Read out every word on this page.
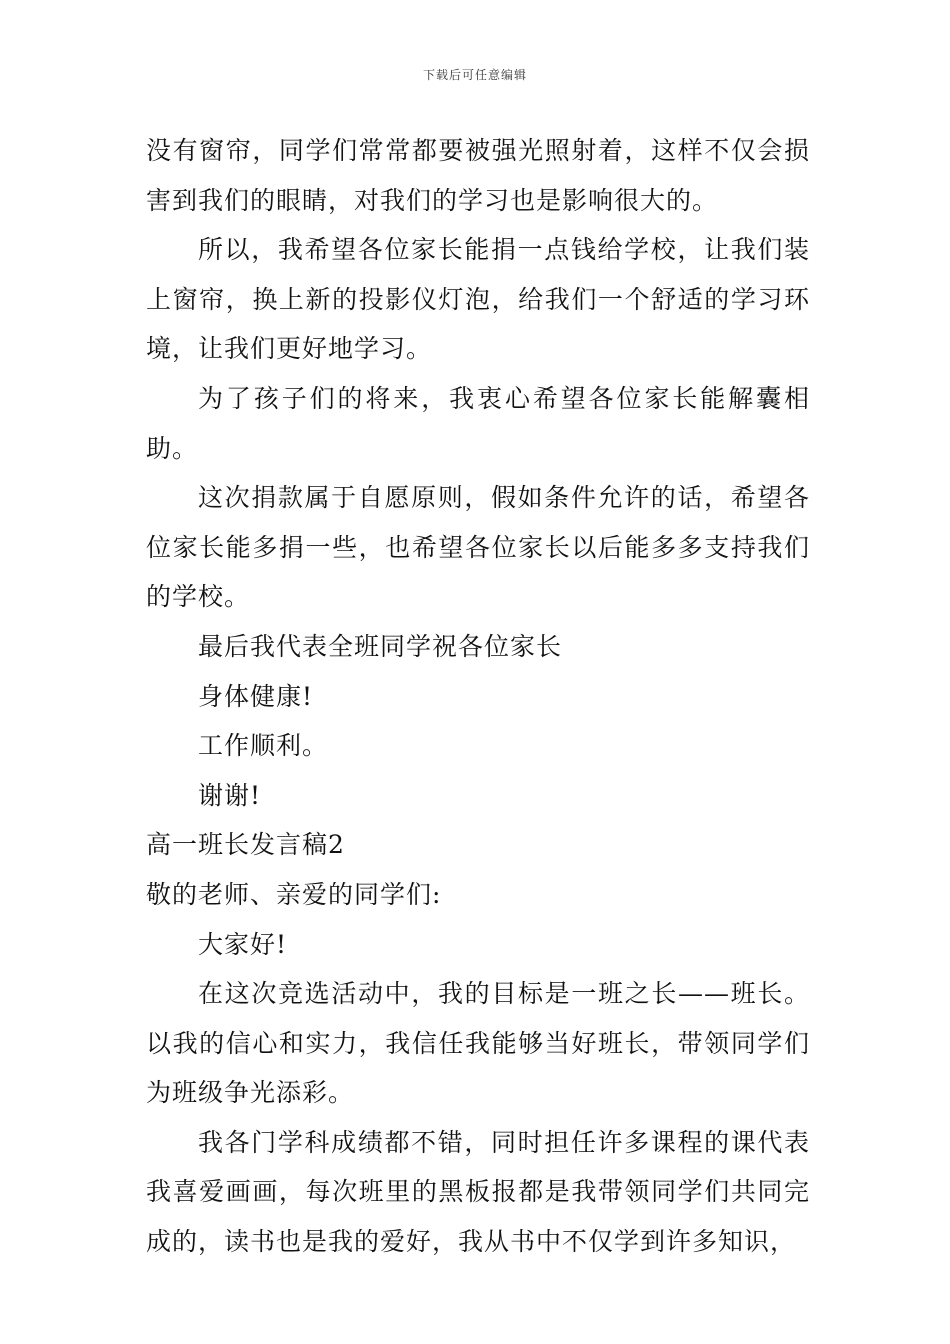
下载后可任意编辑

没有窗帘，同学们常常都要被强光照射着，这样不仅会损害到我们的眼睛，对我们的学习也是影响很大的。

所以，我希望各位家长能捐一点钱给学校，让我们装上窗帘，换上新的投影仪灯泡，给我们一个舒适的学习环境，让我们更好地学习。

为了孩子们的将来，我衷心希望各位家长能解囊相助。

这次捐款属于自愿原则，假如条件允许的话，希望各位家长能多捐一些，也希望各位家长以后能多多支持我们的学校。

最后我代表全班同学祝各位家长

身体健康!

工作顺利。

谢谢!

高一班长发言稿2

敬的老师、亲爱的同学们:

大家好!

在这次竞选活动中，我的目标是一班之长——班长。以我的信心和实力，我信任我能够当好班长，带领同学们为班级争光添彩。

我各门学科成绩都不错，同时担任许多课程的课代表我喜爱画画，每次班里的黑板报都是我带领同学们共同完成的，读书也是我的爱好，我从书中不仅学到许多知识，
